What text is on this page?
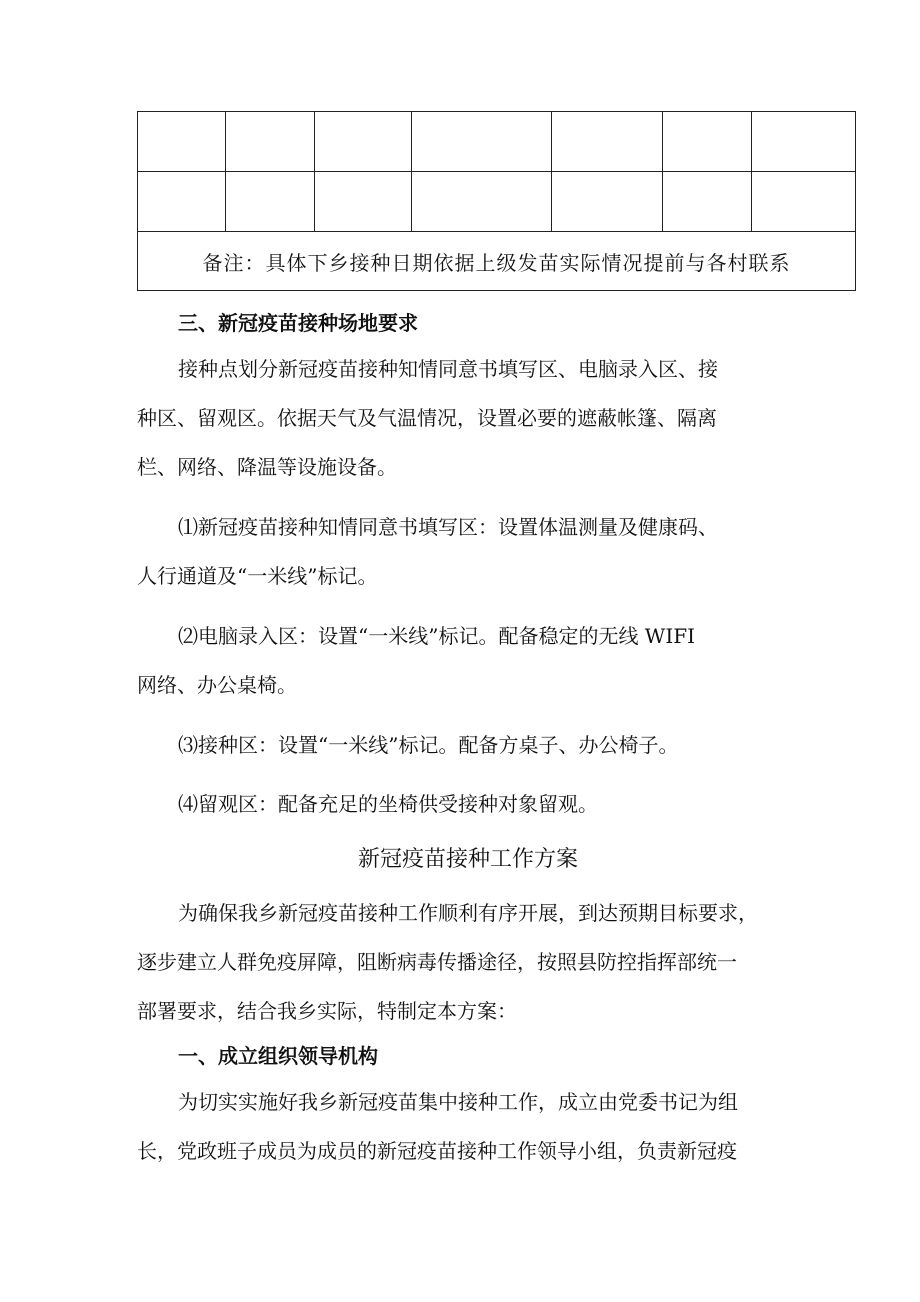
备注：具体下乡接种日期依据上级发苗实际情况提前与各村联系						
三、新冠疫苗接种场地要求
接种点划分新冠疫苗接种知情同意书填写区、电脑录入区、接
种区、留观区。依据天气及气温情况，设置必要的遮蔽帐篷、隔离
栏、网络、降温等设施设备。
⑴新冠疫苗接种知情同意书填写区：设置体温测量及健康码、
人行通道及“一米线”标记。
⑵电脑录入区：设置“一米线”标记。配备稳定的无线 WIFI
网络、办公桌椅。
⑶接种区：设置“一米线”标记。配备方桌子、办公椅子。
⑷留观区：配备充足的坐椅供受接种对象留观。
新冠疫苗接种工作方案
为确保我乡新冠疫苗接种工作顺利有序开展，到达预期目标要求，
逐步建立人群免疫屏障，阻断病毒传播途径，按照县防控指挥部统一
部署要求，结合我乡实际，特制定本方案：
一、成立组织领导机构
为切实实施好我乡新冠疫苗集中接种工作，成立由党委书记为组
长，党政班子成员为成员的新冠疫苗接种工作领导小组，负责新冠疫
